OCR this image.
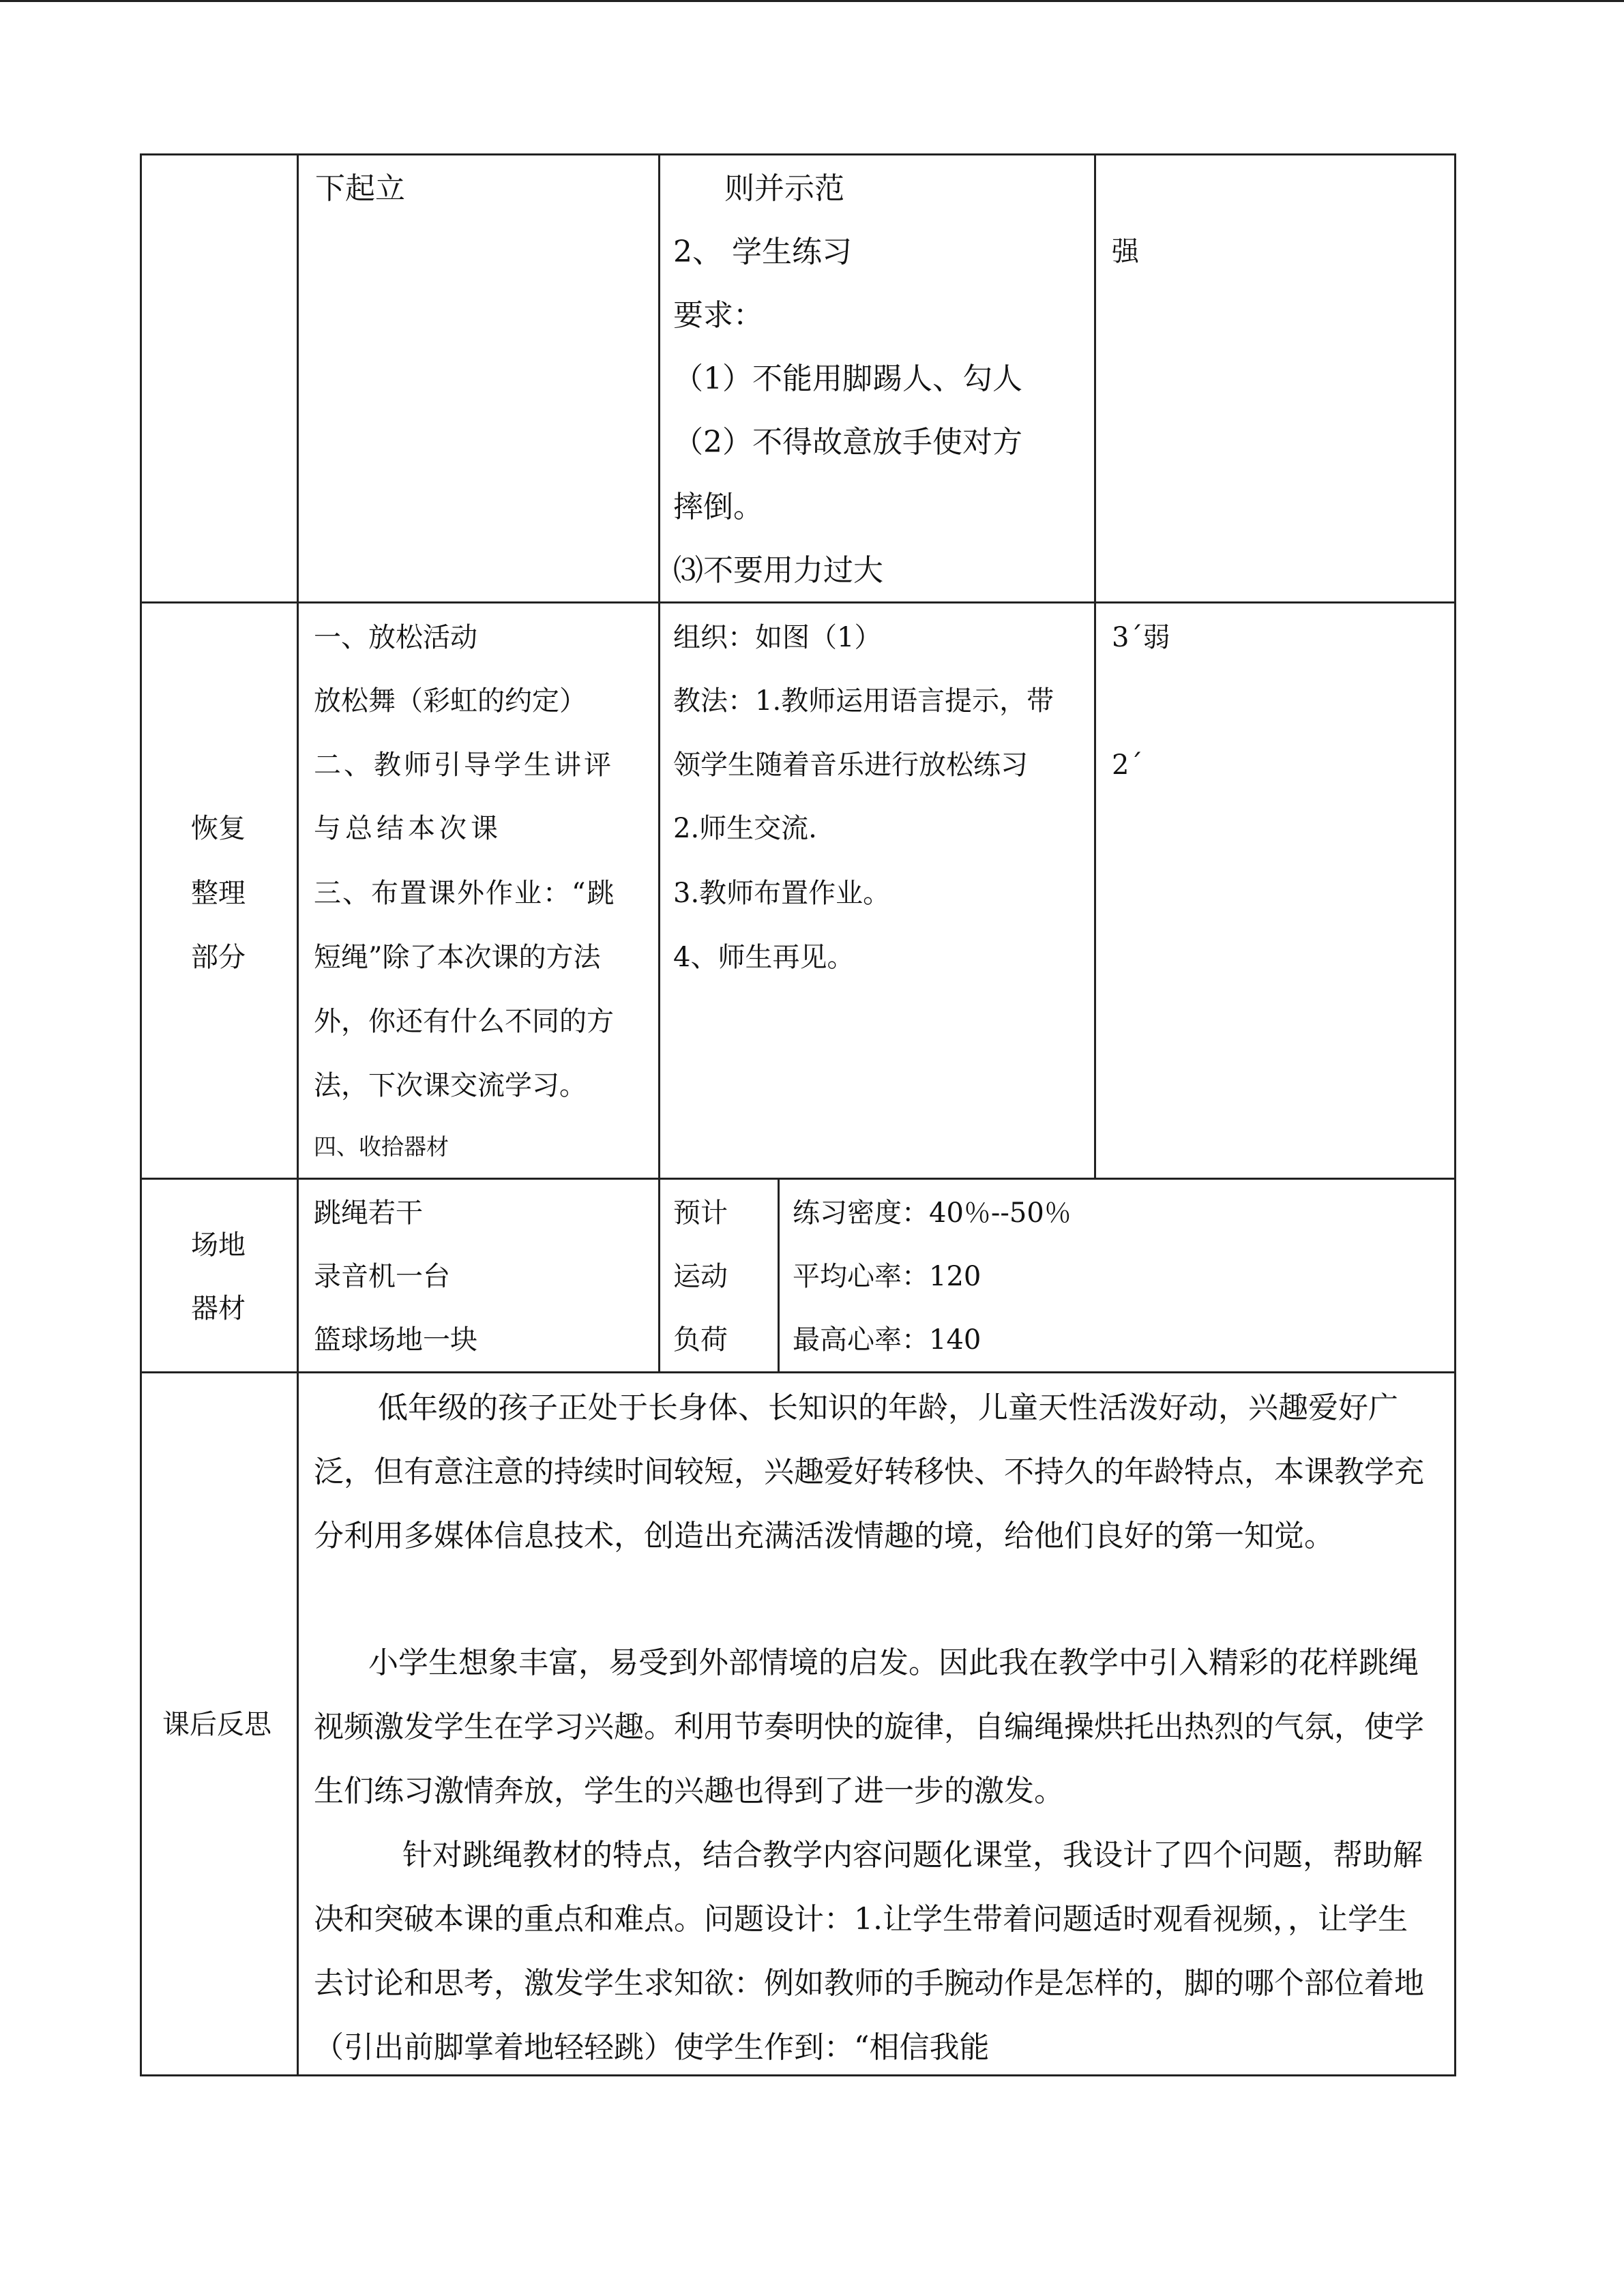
下起立	则并示范
2、 学生练习
要求：
（1）不能用脚踢人、勾人
（2）不得故意放手使对方
摔倒。
⑶不要用力过大
强
恢复
整理
部分
一、放松活动
放松舞（彩虹的约定）
二、教师引导学生讲评
与总结本次课
三、布置课外作业：“跳
短绳”除了本次课的方法
外，你还有什么不同的方
法，下次课交流学习。
四、收拾器材
组织：如图（1）
教法：1.教师运用语言提示，带
领学生随着音乐进行放松练习
2.师生交流.
3.教师布置作业。
4、师生再见。
3´弱
2´
场地
器材
跳绳若干
录音机一台
篮球场地一块
预计
运动
负荷
练习密度：40％--50％
平均心率：120
最高心率：140
课后反思
低年级的孩子正处于长身体、长知识的年龄，儿童天性活泼好动，兴趣爱好广泛，但有意注意的持续时间较短，兴趣爱好转移快、不持久的年龄特点，本课教学充分利用多媒体信息技术，创造出充满活泼情趣的境，给他们良好的第一知觉。
小学生想象丰富，易受到外部情境的启发。因此我在教学中引入精彩的花样跳绳视频激发学生在学习兴趣。利用节奏明快的旋律，自编绳操烘托出热烈的气氛，使学生们练习激情奔放，学生的兴趣也得到了进一步的激发。
针对跳绳教材的特点，结合教学内容问题化课堂，我设计了四个问题，帮助解决和突破本课的重点和难点。问题设计：1.让学生带着问题适时观看视频，，让学生去讨论和思考，激发学生求知欲：例如教师的手腕动作是怎样的，脚的哪个部位着地（引出前脚掌着地轻轻跳）使学生作到：“相信我能
